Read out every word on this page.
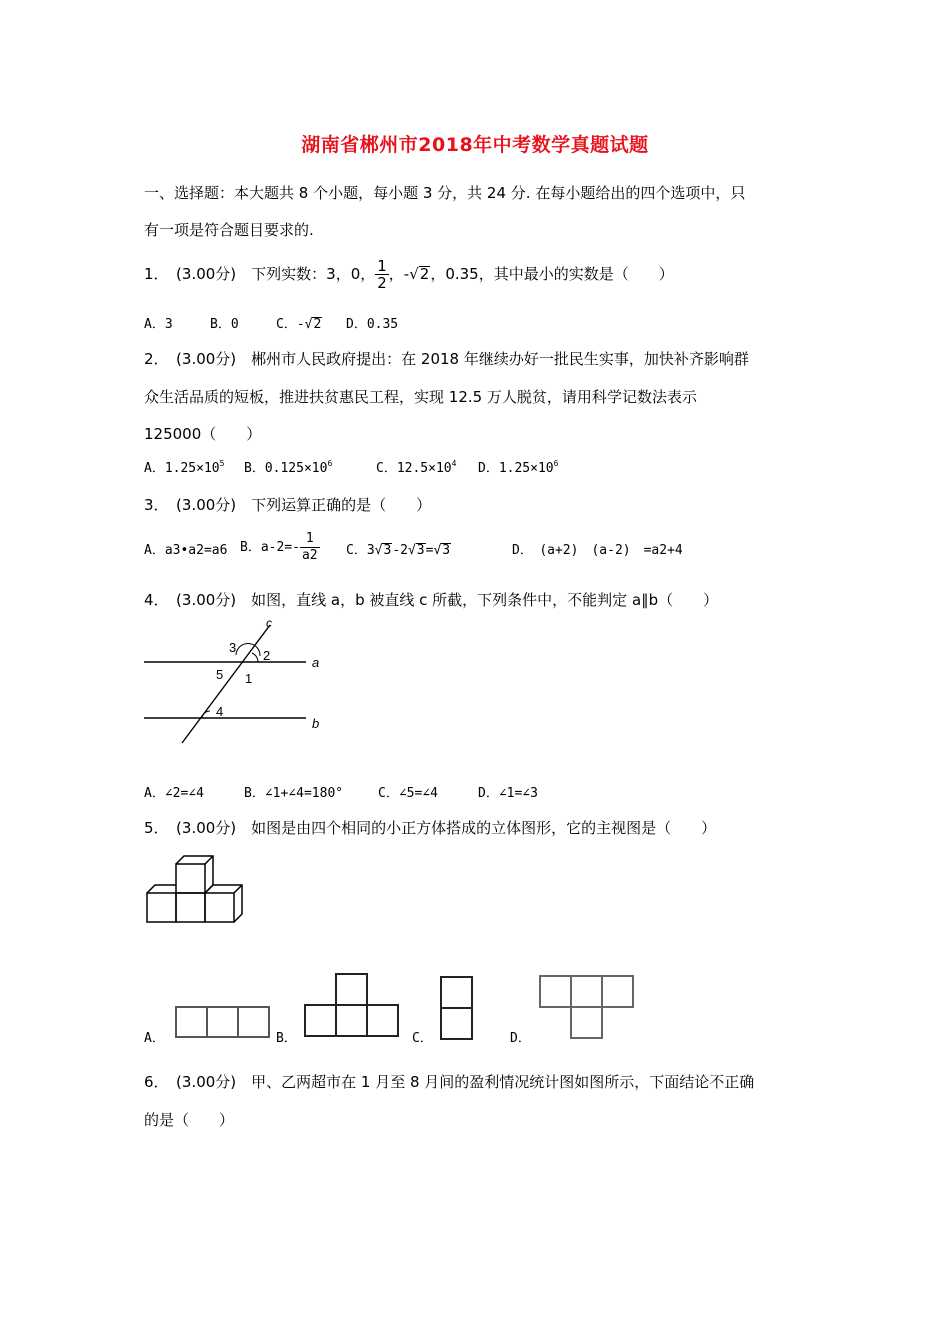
湖南省郴州市2018年中考数学真题试题
一、选择题：本大题共 8 个小题，每小题 3 分，共 24 分. 在每小题给出的四个选项中，只
有一项是符合题目要求的.
1．　(3.00分)　下列实数：3，0， $\frac{1}{2}$ ，-√2，0.35，其中最小的实数是（　　）
A．3	B．0	C．-√2 D．0.35
2．　(3.00分)　郴州市人民政府提出：在 2018 年继续办好一批民生实事，加快补齐影响群
众生活品质的短板，推进扶贫惠民工程，实现 12.5 万人脱贫，请用科学记数法表示
125000（　　）
A．$1.25\times 10^5$ B．$0.125\times 10^6$	C．$12.5\times 10^4$ D．$1.25\times 10^6$
3．　(3.00分)　下列运算正确的是（　　）
A．a3•a2=a6 B．$a-2=- \frac{1}{a2}$ C．3√3-2√3=√3	D．　(a+2)　(a-2)　=a2+4
4．　(3.00分)　如图，直线 a，b 被直线 c 所截，下列条件中，不能判定 a∥b（　　）
c
a
b
3
2
5 1
4
A．∠2=∠4	B．∠1+∠4=180°	C．∠5=∠4	D．∠1=∠3
5．　(3.00分)　如图是由四个相同的小正方体搭成的立体图形，它的主视图是（　　）
A．	B．	C．	D．
6．　(3.00分)　甲、乙两超市在 1 月至 8 月间的盈利情况统计图如图所示，下面结论不正确
的是（　　）
